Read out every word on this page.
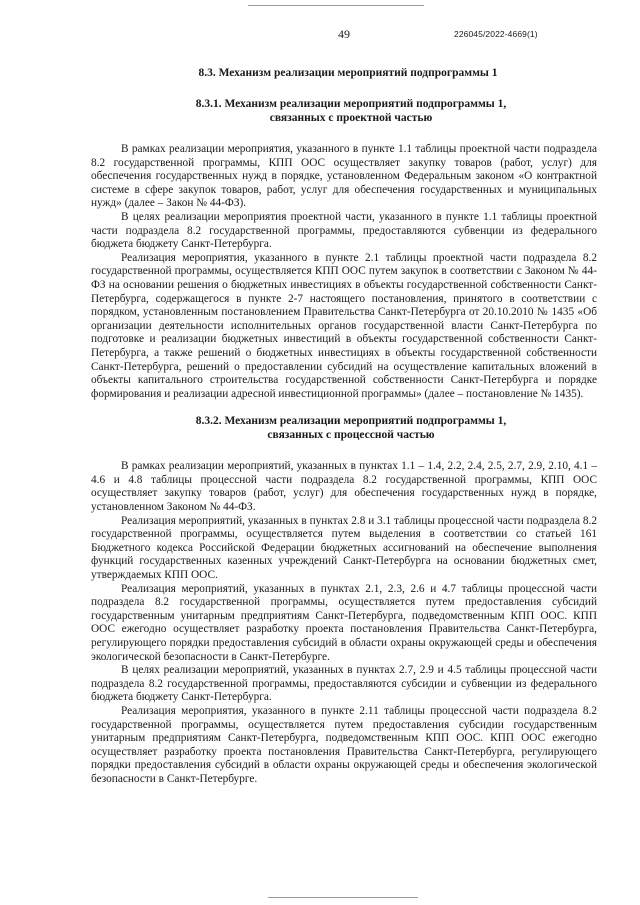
49	226045/2022-4669(1)
8.3. Механизм реализации мероприятий подпрограммы 1
8.3.1. Механизм реализации мероприятий подпрограммы 1,
связанных с проектной частью

В рамках реализации мероприятия, указанного в пункте 1.1 таблицы проектной части подраздела 8.2 государственной программы, КПП ООС осуществляет закупку товаров (работ, услуг) для обеспечения государственных нужд в порядке, установленном Федеральным законом «О контрактной системе в сфере закупок товаров, работ, услуг для обеспечения государственных и муниципальных нужд» (далее – Закон № 44-ФЗ).

В целях реализации мероприятия проектной части, указанного в пункте 1.1 таблицы проектной части подраздела 8.2 государственной программы, предоставляются субвенции из федерального бюджета бюджету Санкт-Петербурга.

Реализация мероприятия, указанного в пункте 2.1 таблицы проектной части подраздела 8.2 государственной программы, осуществляется КПП ООС путем закупок в соответствии с Законом № 44-ФЗ на основании решения о бюджетных инвестициях в объекты государственной собственности Санкт-Петербурга, содержащегося в пункте 2-7 настоящего постановления, принятого в соответствии с порядком, установленным постановлением Правительства Санкт-Петербурга от 20.10.2010 № 1435 «Об организации деятельности исполнительных органов государственной власти Санкт-Петербурга по подготовке и реализации бюджетных инвестиций в объекты государственной собственности Санкт-Петербурга, а также решений о бюджетных инвестициях в объекты государственной собственности Санкт-Петербурга, решений о предоставлении субсидий на осуществление капитальных вложений в объекты капитального строительства государственной собственности Санкт-Петербурга и порядке формирования и реализации адресной инвестиционной программы» (далее – постановление № 1435).

8.3.2. Механизм реализации мероприятий подпрограммы 1,
связанных с процессной частью

В рамках реализации мероприятий, указанных в пунктах 1.1 – 1.4, 2.2, 2.4, 2.5, 2.7, 2.9, 2.10, 4.1 – 4.6 и 4.8 таблицы процессной части подраздела 8.2 государственной программы, КПП ООС осуществляет закупку товаров (работ, услуг) для обеспечения государственных нужд в порядке, установленном Законом № 44-ФЗ.

Реализация мероприятий, указанных в пунктах 2.8 и 3.1 таблицы процессной части подраздела 8.2 государственной программы, осуществляется путем выделения в соответствии со статьей 161 Бюджетного кодекса Российской Федерации бюджетных ассигнований на обеспечение выполнения функций государственных казенных учреждений Санкт-Петербурга на основании бюджетных смет, утверждаемых КПП ООС.

Реализация мероприятий, указанных в пунктах 2.1, 2.3, 2.6 и 4.7 таблицы процессной части подраздела 8.2 государственной программы, осуществляется путем предоставления субсидий государственным унитарным предприятиям Санкт-Петербурга, подведомственным КПП ООС. КПП ООС ежегодно осуществляет разработку проекта постановления Правительства Санкт-Петербурга, регулирующего порядки предоставления субсидий в области охраны окружающей среды и обеспечения экологической безопасности в Санкт-Петербурге.

В целях реализации мероприятий, указанных в пунктах 2.7, 2.9 и 4.5 таблицы процессной части подраздела 8.2 государственной программы, предоставляются субсидии и субвенции из федерального бюджета бюджету Санкт-Петербурга.

Реализация мероприятия, указанного в пункте 2.11 таблицы процессной части подраздела 8.2 государственной программы, осуществляется путем предоставления субсидии государственным унитарным предприятиям Санкт-Петербурга, подведомственным КПП ООС. КПП ООС ежегодно осуществляет разработку проекта постановления Правительства Санкт-Петербурга, регулирующего порядки предоставления субсидий в области охраны окружающей среды и обеспечения экологической безопасности в Санкт-Петербурге.
